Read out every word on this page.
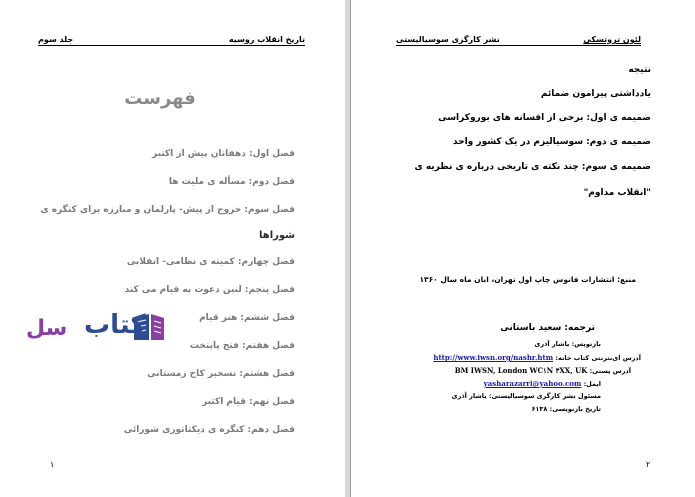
جلد سوم	تاریخ انقلاب روسیه
فهرست
فصل اول: دهقانان پیش از اکتبر
فصل دوم: مسأله ی ملیت ها
فصل سوم: خروج از پیش- پارلمان و مبارزه برای کنگره ی
شوراها
فصل چهارم: کمیته ی نظامی- انقلابی
فصل پنجم: لنین دعوت به قیام می کند
فصل ششم: هنر قیام
فصل هفتم: فتح پایتخت
فصل هشتم: تسخیر کاخ زمستانی
فصل نهم: قیام اکتبر
فصل دهم: کنگره ی دیکتاتوری شورائی
کتاب
سل
۱
نشر کارگری سوسیالیستی	لئون تروتسکی
نتیجه
یادداشتی پیرامون ضمائم
ضمیمه ی اول: برخی از افسانه های بوروکراسی
ضمیمه ی دوم: سوسیالیزم در یک کشور واحد
ضمیمه ی سوم: چند نکته ی تاریخی درباره ی نظریه ی "انقلاب مداوم"
منبع: انتشارات فانوس چاپ اول تهران، ابان ماه سال ۱۳۶۰
ترجمه: سعید باستانی
بازنویس: یاشار آذری
آدرس ای‌نترنتی کتاب خانه: http://www.iwsn.org/nashr.htm
آدرس پستی: BM IWSN, London WC۱N ۳XX, UK
ایمل: yasharazarri@yahoo.com
مسئول نشر کارگری سوسیالیستی: یاشار آذری
تاریخ بازنویسی: ۶۱۳۸
۲
